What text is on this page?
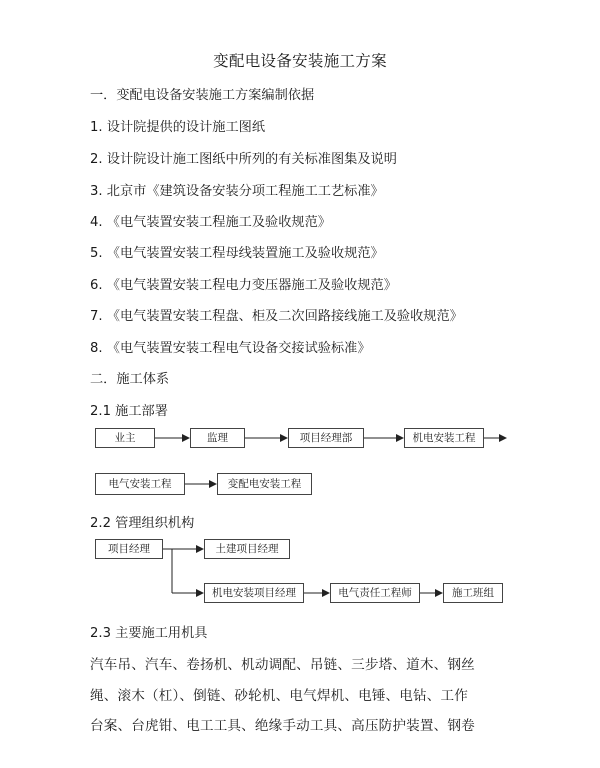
变配电设备安装施工方案
一．变配电设备安装施工方案编制依据
1. 设计院提供的设计施工图纸
2. 设计院设计施工图纸中所列的有关标准图集及说明
3. 北京市《建筑设备安装分项工程施工工艺标准》
4. 《电气装置安装工程施工及验收规范》
5. 《电气装置安装工程母线装置施工及验收规范》
6. 《电气装置安装工程电力变压器施工及验收规范》
7. 《电气装置安装工程盘、柜及二次回路接线施工及验收规范》
8. 《电气装置安装工程电气设备交接试验标准》
二．施工体系
2.1 施工部署
业主	监理	项目经理部	机电安装工程
电气安装工程	变配电安装工程
2.2 管理组织机构
项目经理	土建项目经理
机电安装项目经理	电气责任工程师	施工班组
2.3 主要施工用机具
汽车吊、汽车、卷扬机、机动调配、吊链、三步塔、道木、钢丝
绳、滚木（杠）、倒链、砂轮机、电气焊机、电锤、电钻、工作
台案、台虎钳、电工工具、绝缘手动工具、高压防护装置、钢卷
